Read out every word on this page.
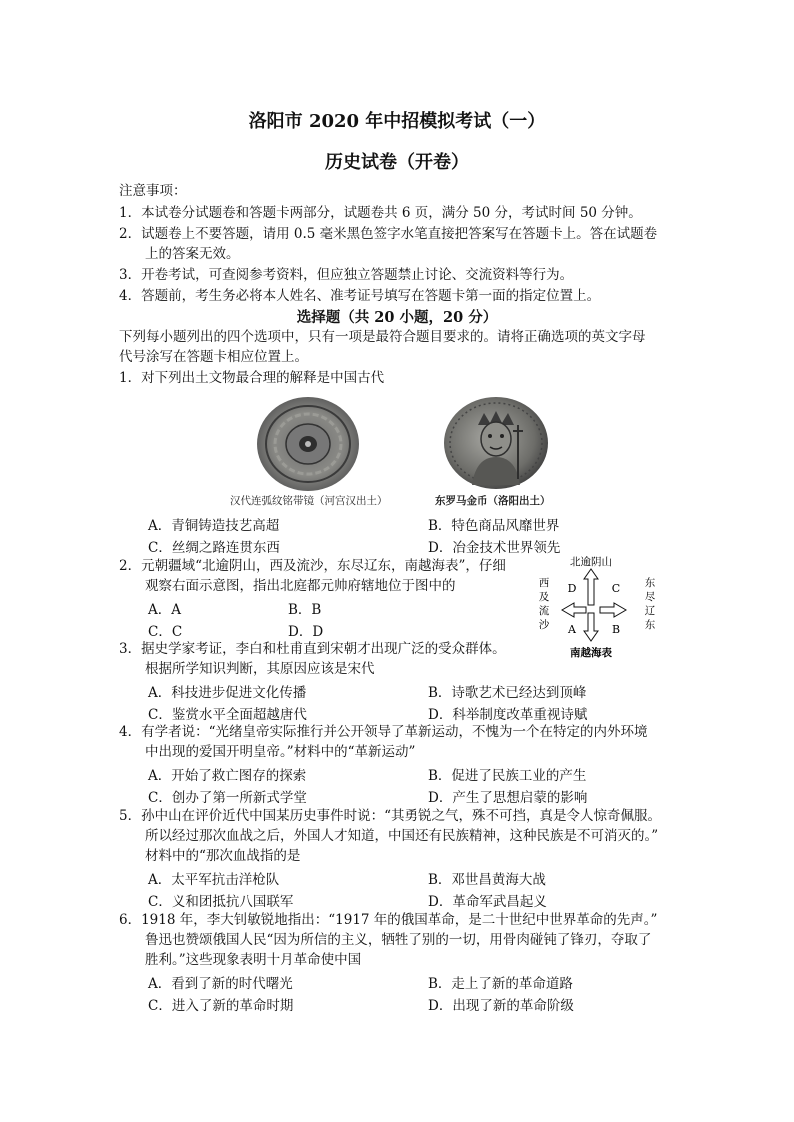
洛阳市 2020 年中招模拟考试（一）
历史试卷（开卷）
注意事项：
1．本试卷分试题卷和答题卡两部分，试题卷共 6 页，满分 50 分，考试时间 50 分钟。
2．试题卷上不要答题，请用 0.5 毫米黑色签字水笔直接把答案写在答题卡上。答在试题卷
上的答案无效。
3．开卷考试，可查阅参考资料，但应独立答题禁止讨论、交流资料等行为。
4．答题前，考生务必将本人姓名、准考证号填写在答题卡第一面的指定位置上。
选择题（共 20 小题，20 分）
下列每小题列出的四个选项中，只有一项是最符合题目要求的。请将正确选项的英文字母
代号涂写在答题卡相应位置上。
1．对下列出土文物最合理的解释是中国古代
汉代连弧纹铭带镜（河宫汉出土）	东罗马金币（洛阳出土）
A．青铜铸造技艺高超	B．特色商品风靡世界
C．丝绸之路连贯东西	D．冶金技术世界领先
2．元朝疆域“北逾阴山，西及流沙，东尽辽东，南越海表”，仔细
观察右面示意图，指出北庭都元帅府辖地位于图中的
A．A	B．B
C．C	D．D
北逾阴山
南越海表
西
及
流
沙
东
尽
辽
东
D	C
A	B
3．据史学家考证，李白和杜甫直到宋朝才出现广泛的受众群体。
根据所学知识判断，其原因应该是宋代
A．科技进步促进文化传播	B．诗歌艺术已经达到顶峰
C．鉴赏水平全面超越唐代	D．科举制度改革重视诗赋
4．有学者说：“光绪皇帝实际推行并公开领导了革新运动，不愧为一个在特定的内外环境
中出现的爱国开明皇帝。”材料中的“革新运动”
A．开始了救亡图存的探索	B．促进了民族工业的产生
C．创办了第一所新式学堂	D．产生了思想启蒙的影响
5．孙中山在评价近代中国某历史事件时说：“其勇锐之气，殊不可挡，真是令人惊奇佩服。
所以经过那次血战之后，外国人才知道，中国还有民族精神，这种民族是不可消灭的。”
材料中的“那次血战指的是
A．太平军抗击洋枪队	B．邓世昌黄海大战
C．义和团抵抗八国联军	D．革命军武昌起义
6．1918 年，李大钊敏锐地指出：“1917 年的俄国革命，是二十世纪中世界革命的先声。”
鲁迅也赞颂俄国人民“因为所信的主义，牺牲了别的一切，用骨肉碰钝了锋刃，夺取了
胜利。”这些现象表明十月革命使中国
A．看到了新的时代曙光	B．走上了新的革命道路
C．进入了新的革命时期	D．出现了新的革命阶级
